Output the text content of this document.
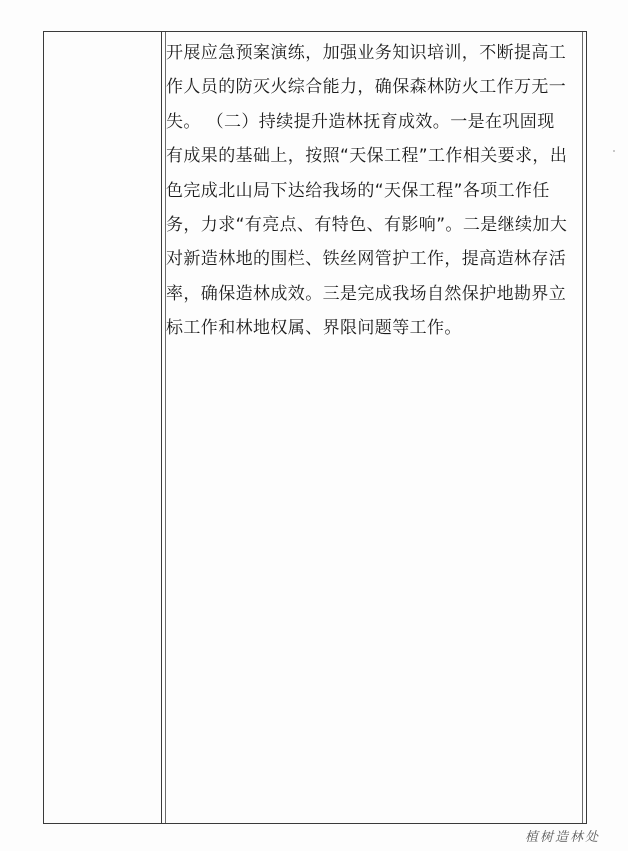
开展应急预案演练，加强业务知识培训，不断提高工
作人员的防灭火综合能力，确保森林防火工作万无一
失。 （二）持续提升造林抚育成效。一是在巩固现
有成果的基础上，按照“天保工程”工作相关要求，出
色完成北山局下达给我场的“天保工程”各项工作任
务，力求“有亮点、有特色、有影响”。二是继续加大
对新造林地的围栏、铁丝网管护工作，提高造林存活
率，确保造林成效。三是完成我场自然保护地勘界立
标工作和林地权属、界限问题等工作。

植树造林处
